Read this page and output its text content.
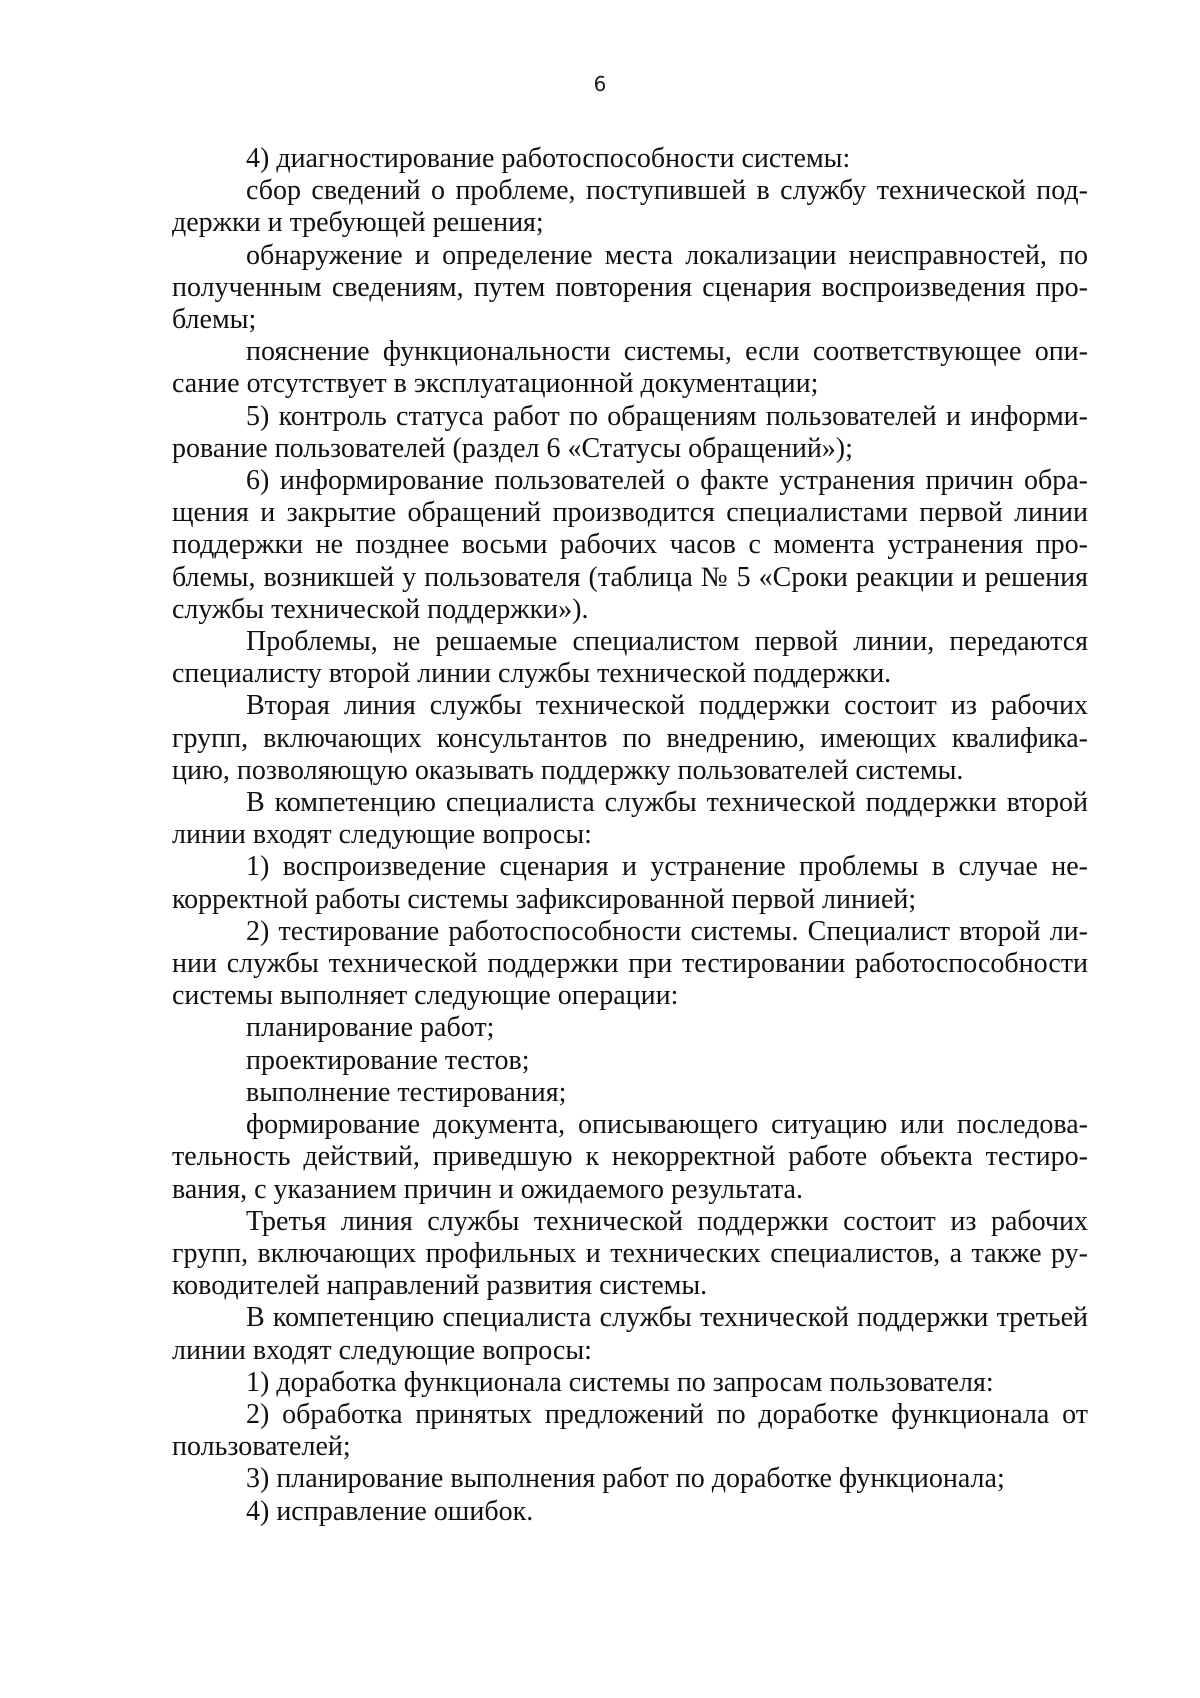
6

4) диагностирование работоспособности системы:

сбор сведений о проблеме, поступившей в службу технической поддержки и требующей решения;

обнаружение и определение места локализации неисправностей, по полученным сведениям, путем повторения сценария воспроизведения проблемы;

пояснение функциональности системы, если соответствующее описание отсутствует в эксплуатационной документации;

5) контроль статуса работ по обращениям пользователей и информирование пользователей (раздел 6 «Статусы обращений»);

6) информирование пользователей о факте устранения причин обращения и закрытие обращений производится специалистами первой линии поддержки не позднее восьми рабочих часов с момента устранения проблемы, возникшей у пользователя (таблица № 5 «Сроки реакции и решения службы технической поддержки»).

Проблемы, не решаемые специалистом первой линии, передаются специалисту второй линии службы технической поддержки.

Вторая линия службы технической поддержки состоит из рабочих групп, включающих консультантов по внедрению, имеющих квалификацию, позволяющую оказывать поддержку пользователей системы.

В компетенцию специалиста службы технической поддержки второй линии входят следующие вопросы:

1) воспроизведение сценария и устранение проблемы в случае некорректной работы системы зафиксированной первой линией;

2) тестирование работоспособности системы. Специалист второй линии службы технической поддержки при тестировании работоспособности системы выполняет следующие операции:

планирование работ;

проектирование тестов;

выполнение тестирования;

формирование документа, описывающего ситуацию или последовательность действий, приведшую к некорректной работе объекта тестирования, с указанием причин и ожидаемого результата.

Третья линия службы технической поддержки состоит из рабочих групп, включающих профильных и технических специалистов, а также руководителей направлений развития системы.

В компетенцию специалиста службы технической поддержки третьей линии входят следующие вопросы:

1) доработка функционала системы по запросам пользователя:

2) обработка принятых предложений по доработке функционала от пользователей;

3) планирование выполнения работ по доработке функционала;

4) исправление ошибок.
